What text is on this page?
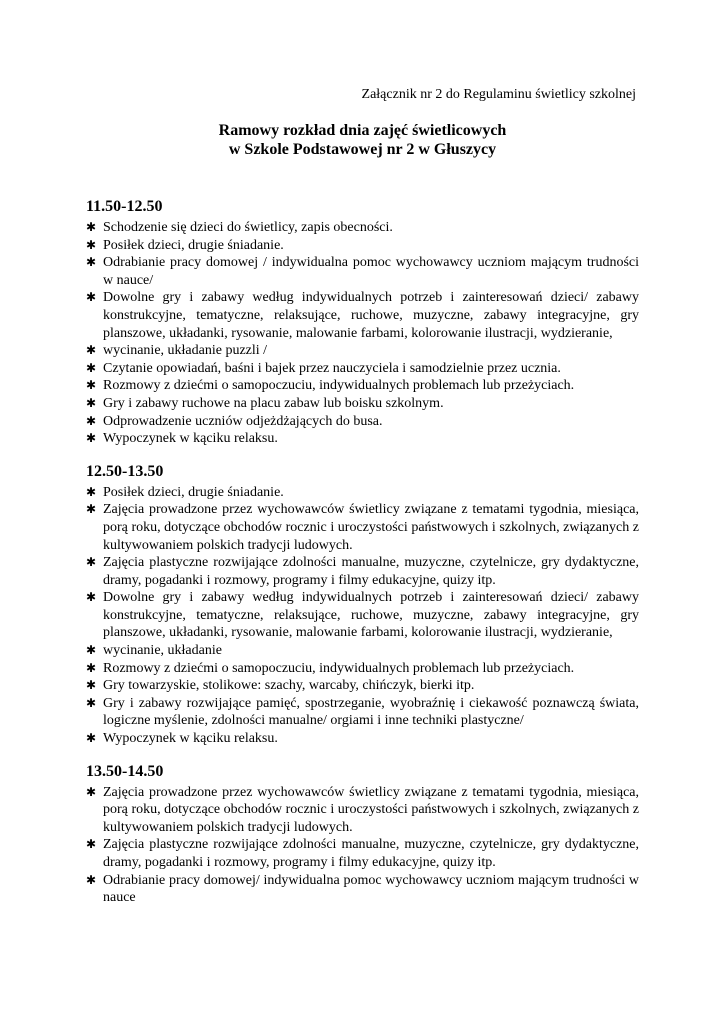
Załącznik nr 2 do Regulaminu świetlicy szkolnej
Ramowy rozkład dnia zajęć świetlicowych
w Szkole Podstawowej nr 2 w Głuszycy
11.50-12.50
✱ Schodzenie się dzieci do świetlicy, zapis obecności.
✱ Posiłek dzieci, drugie śniadanie.
✱ Odrabianie pracy domowej / indywidualna pomoc wychowawcy uczniom mającym trudności w nauce/
✱ Dowolne gry i zabawy według indywidualnych potrzeb i zainteresowań dzieci/ zabawy konstrukcyjne, tematyczne, relaksujące, ruchowe, muzyczne, zabawy integracyjne, gry planszowe, układanki, rysowanie, malowanie farbami, kolorowanie ilustracji, wydzieranie,
✱ wycinanie, układanie puzzli /
✱ Czytanie opowiadań, baśni i bajek przez nauczyciela i samodzielnie przez ucznia.
✱ Rozmowy z dziećmi o samopoczuciu, indywidualnych problemach lub przeżyciach.
✱ Gry i zabawy ruchowe na placu zabaw lub boisku szkolnym.
✱ Odprowadzenie uczniów odjeżdżających do busa.
✱ Wypoczynek w kąciku relaksu.
12.50-13.50
✱ Posiłek dzieci, drugie śniadanie.
✱ Zajęcia prowadzone przez wychowawców świetlicy związane z tematami tygodnia, miesiąca, porą roku, dotyczące obchodów rocznic i uroczystości państwowych i szkolnych, związanych z kultywowaniem polskich tradycji ludowych.
✱ Zajęcia plastyczne rozwijające zdolności manualne, muzyczne, czytelnicze, gry dydaktyczne, dramy, pogadanki i rozmowy, programy i filmy edukacyjne, quizy itp.
✱ Dowolne gry i zabawy według indywidualnych potrzeb i zainteresowań dzieci/ zabawy konstrukcyjne, tematyczne, relaksujące, ruchowe, muzyczne, zabawy integracyjne, gry planszowe, układanki, rysowanie, malowanie farbami, kolorowanie ilustracji, wydzieranie,
✱ wycinanie, układanie
✱ Rozmowy z dziećmi o samopoczuciu, indywidualnych problemach lub przeżyciach.
✱ Gry towarzyskie, stolikowe: szachy, warcaby, chińczyk, bierki itp.
✱ Gry i zabawy rozwijające pamięć, spostrzeganie, wyobraźnię i ciekawość poznawczą świata, logiczne myślenie, zdolności manualne/ orgiami i inne techniki plastyczne/
✱ Wypoczynek w kąciku relaksu.
13.50-14.50
✱ Zajęcia prowadzone przez wychowawców świetlicy związane z tematami tygodnia, miesiąca, porą roku, dotyczące obchodów rocznic i uroczystości państwowych i szkolnych, związanych z kultywowaniem polskich tradycji ludowych.
✱ Zajęcia plastyczne rozwijające zdolności manualne, muzyczne, czytelnicze, gry dydaktyczne, dramy, pogadanki i rozmowy, programy i filmy edukacyjne, quizy itp.
✱ Odrabianie pracy domowej/ indywidualna pomoc wychowawcy uczniom mającym trudności w nauce
